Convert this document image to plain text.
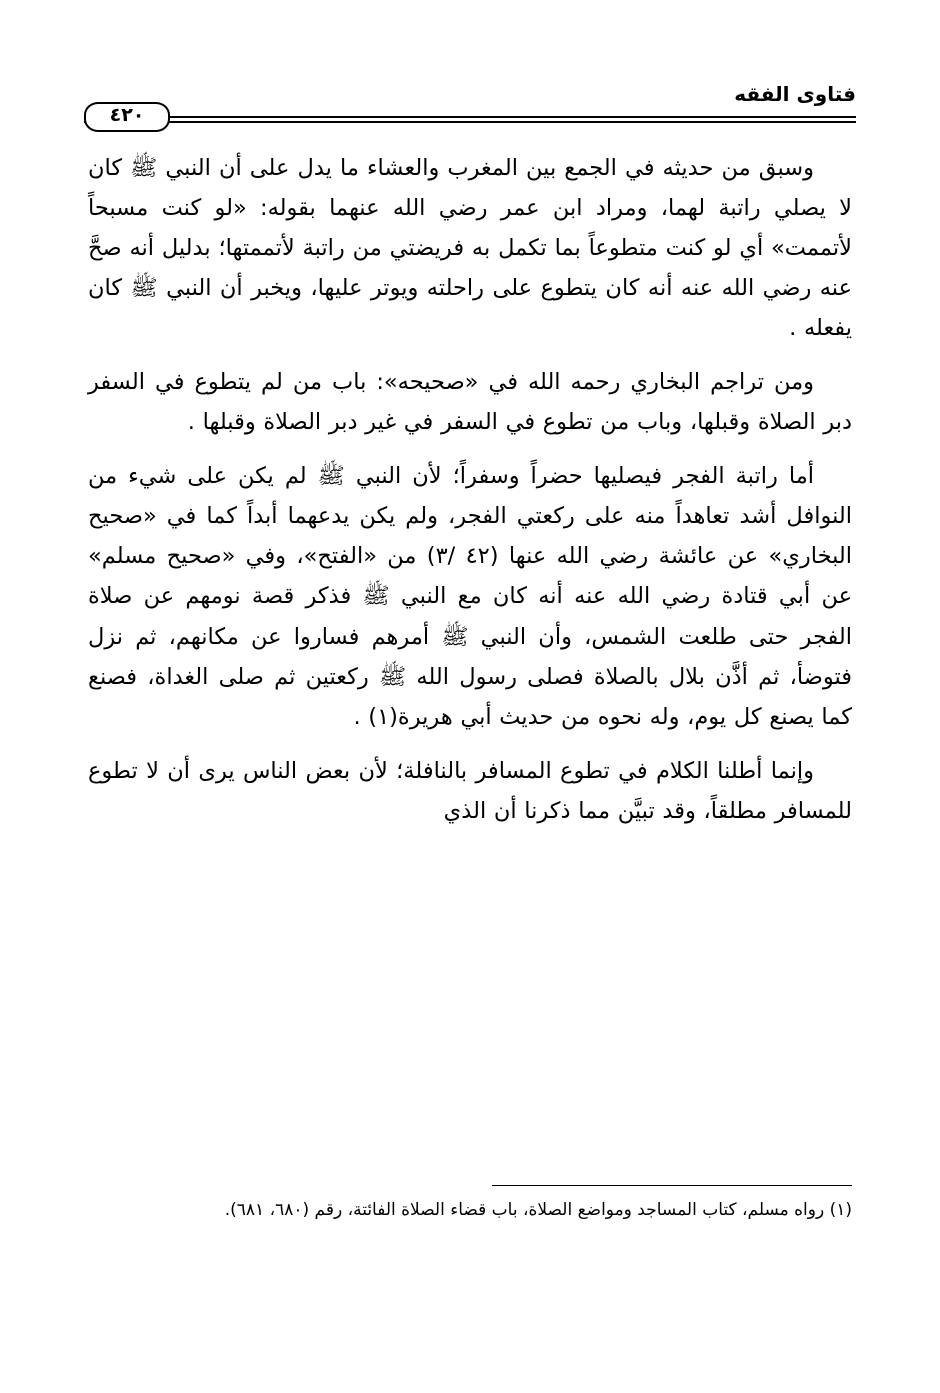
فتاوى الفقه
٤٢٠

وسبق من حديثه في الجمع بين المغرب والعشاء ما يدل على أن النبي ﷺ كان لا يصلي راتبة لهما، ومراد ابن عمر رضي الله عنهما بقوله: «لو كنت مسبحاً لأتممت» أي لو كنت متطوعاً بما تكمل به فريضتي من راتبة لأتممتها؛ بدليل أنه صحَّ عنه رضي الله عنه أنه كان يتطوع على راحلته ويوتر عليها، ويخبر أن النبي ﷺ كان يفعله .

ومن تراجم البخاري رحمه الله في «صحيحه»: باب من لم يتطوع في السفر دبر الصلاة وقبلها، وباب من تطوع في السفر في غير دبر الصلاة وقبلها .

أما راتبة الفجر فيصليها حضراً وسفراً؛ لأن النبي ﷺ لم يكن على شيء من النوافل أشد تعاهداً منه على ركعتي الفجر، ولم يكن يدعهما أبداً كما في «صحيح البخاري» عن عائشة رضي الله عنها (٤٢ /٣) من «الفتح»، وفي «صحيح مسلم» عن أبي قتادة رضي الله عنه أنه كان مع النبي ﷺ فذكر قصة نومهم عن صلاة الفجر حتى طلعت الشمس، وأن النبي ﷺ أمرهم فساروا عن مكانهم، ثم نزل فتوضأ، ثم أذَّن بلال بالصلاة فصلى رسول الله ﷺ ركعتين ثم صلى الغداة، فصنع كما يصنع كل يوم، وله نحوه من حديث أبي هريرة(١) .

وإنما أطلنا الكلام في تطوع المسافر بالنافلة؛ لأن بعض الناس يرى أن لا تطوع للمسافر مطلقاً، وقد تبيَّن مما ذكرنا أن الذي

(١) رواه مسلم، كتاب المساجد ومواضع الصلاة، باب قضاء الصلاة الفائتة، رقم (٦٨٠، ٦٨١).
